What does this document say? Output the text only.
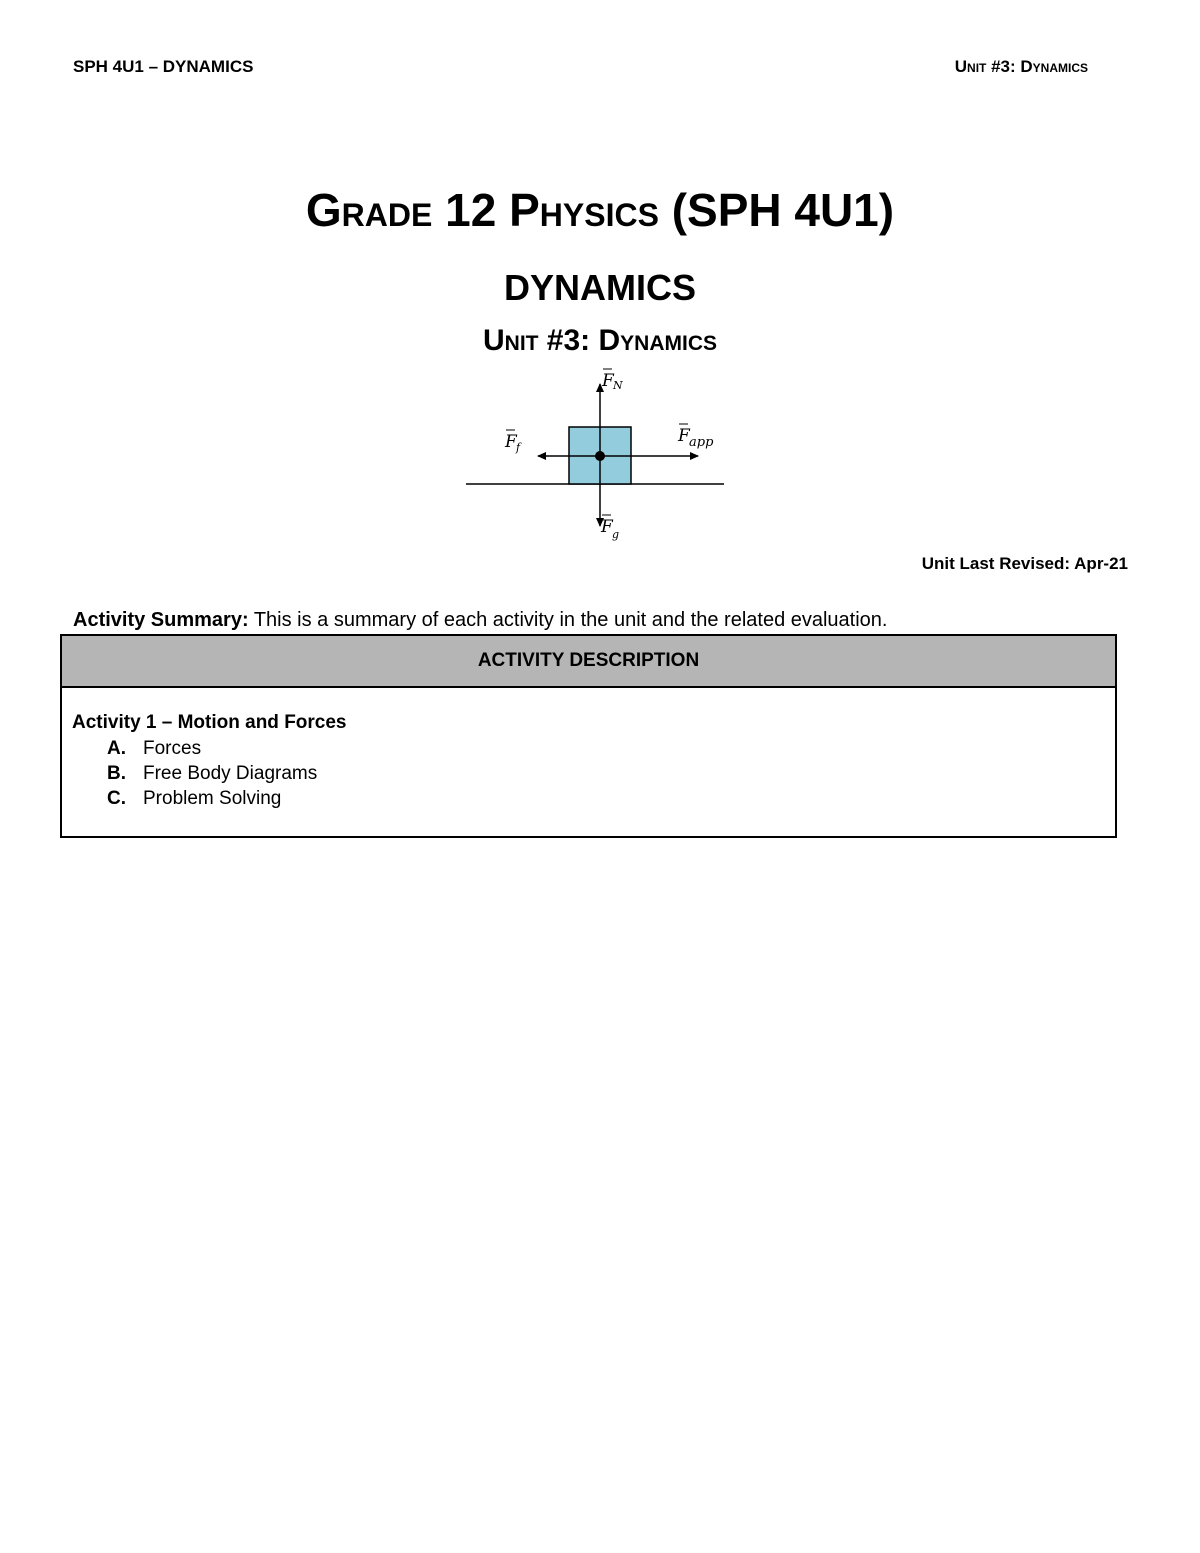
SPH 4U1 – DYNAMICS	Unit #3: Dynamics
Grade 12 Physics (SPH 4U1)
DYNAMICS
Unit #3: Dynamics
F N
F f
F app
F g
Unit Last Revised: Apr-21
Activity Summary: This is a summary of each activity in the unit and the related evaluation.
ACTIVITY DESCRIPTION
Activity 1 – Motion and Forces
A. Forces
B. Free Body Diagrams
C. Problem Solving
